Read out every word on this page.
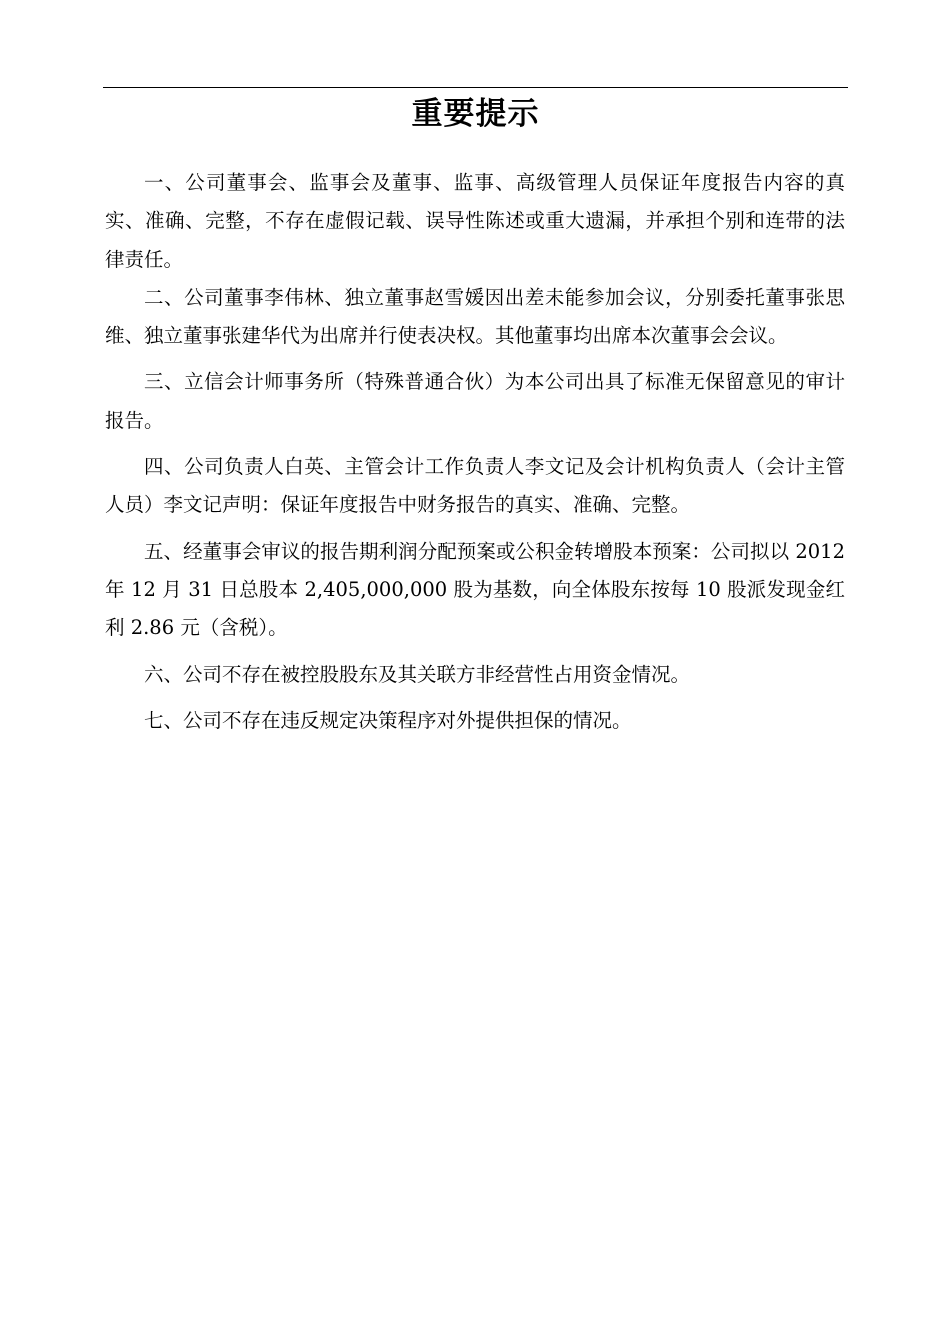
重要提示

一、公司董事会、监事会及董事、监事、高级管理人员保证年度报告内容的真实、准确、完整，不存在虚假记载、误导性陈述或重大遗漏，并承担个别和连带的法律责任。

二、公司董事李伟林、独立董事赵雪媛因出差未能参加会议，分别委托董事张思维、独立董事张建华代为出席并行使表决权。其他董事均出席本次董事会会议。

三、立信会计师事务所（特殊普通合伙）为本公司出具了标准无保留意见的审计报告。

四、公司负责人白英、主管会计工作负责人李文记及会计机构负责人（会计主管人员）李文记声明：保证年度报告中财务报告的真实、准确、完整。

五、经董事会审议的报告期利润分配预案或公积金转增股本预案：公司拟以 2012 年 12 月 31 日总股本 2,405,000,000 股为基数，向全体股东按每 10 股派发现金红利 2.86 元（含税）。

六、公司不存在被控股股东及其关联方非经营性占用资金情况。

七、公司不存在违反规定决策程序对外提供担保的情况。
